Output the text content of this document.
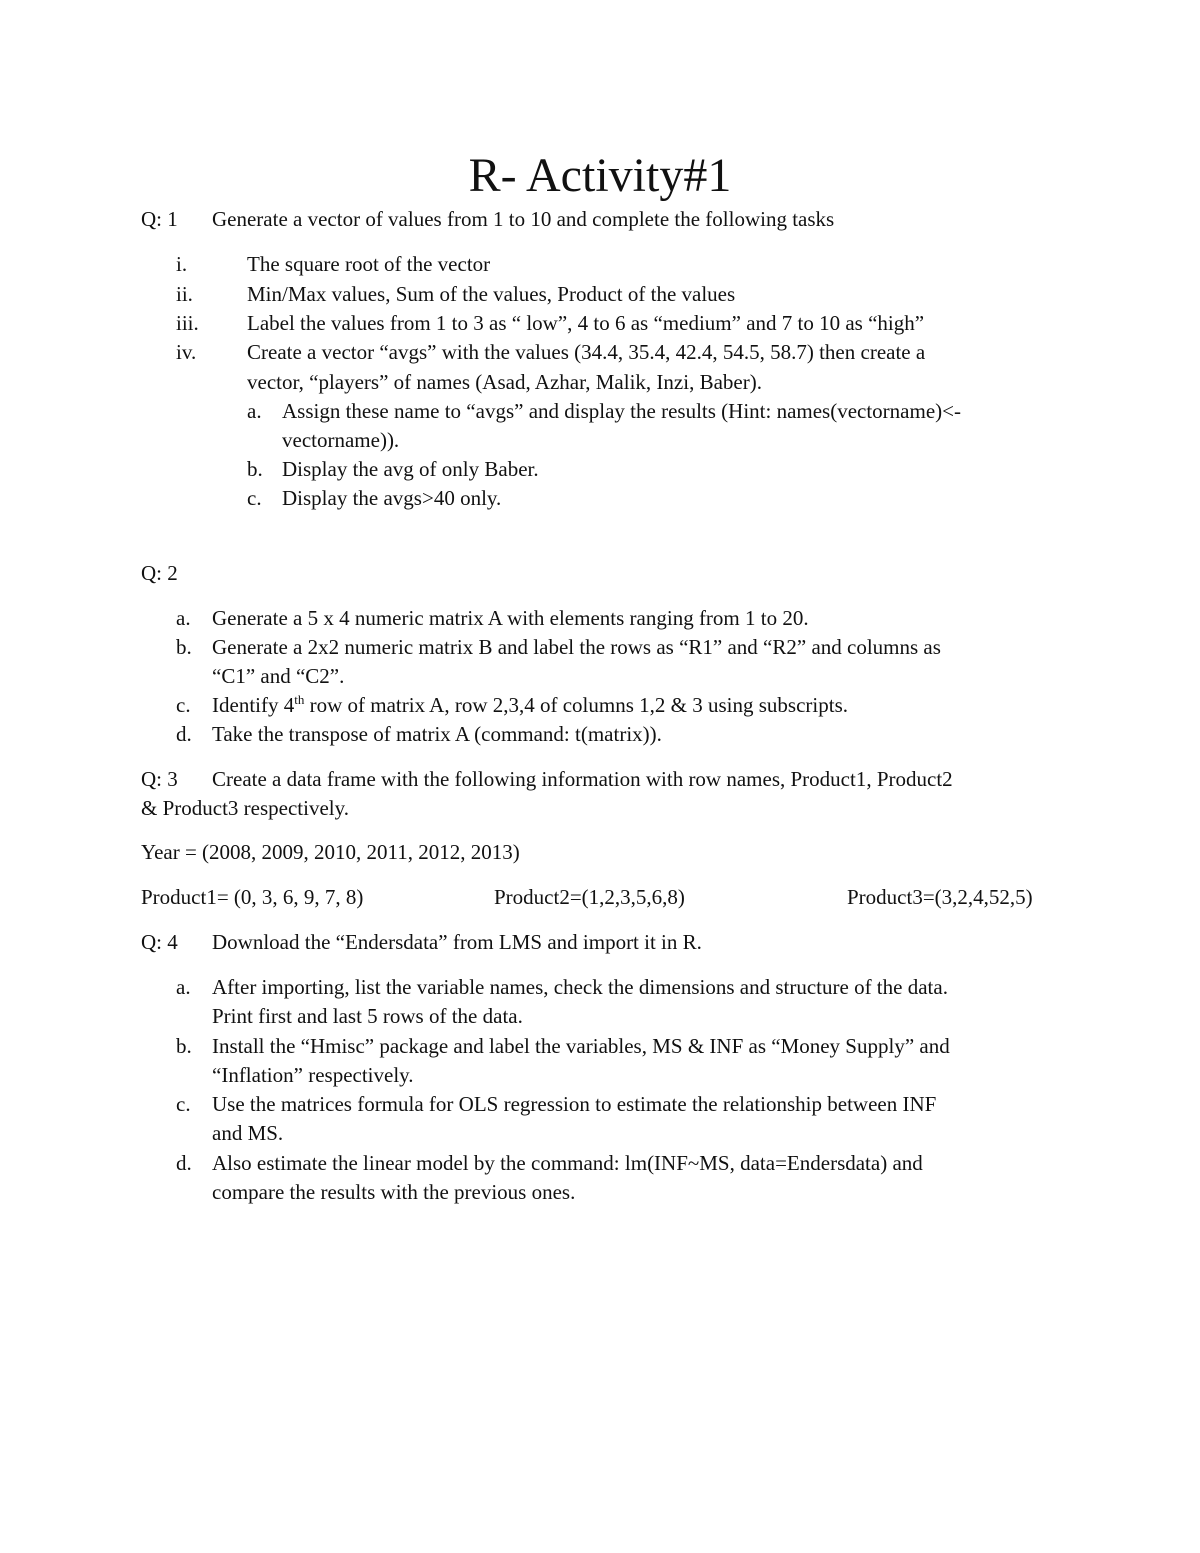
R- Activity#1
Q: 1 Generate a vector of values from 1 to 10 and complete the following tasks
i.	The square root of the vector
ii.	Min/Max values, Sum of the values, Product of the values
iii. Label the values from 1 to 3 as “ low”, 4 to 6 as “medium” and 7 to 10 as “high”
iv. Create a vector “avgs” with the values (34.4, 35.4, 42.4, 54.5, 58.7) then create a
vector, “players” of names (Asad, Azhar, Malik, Inzi, Baber).
a. Assign these name to “avgs” and display the results (Hint: names(vectorname)<-
vectorname)).
b. Display the avg of only Baber.
c. Display the avgs>40 only.
Q: 2
a. Generate a 5 x 4 numeric matrix A with elements ranging from 1 to 20.
b. Generate a 2x2 numeric matrix B and label the rows as “R1” and “R2” and columns as
“C1” and “C2”.
c. Identify 4th row of matrix A, row 2,3,4 of columns 1,2 & 3 using subscripts.
d. Take the transpose of matrix A (command: t(matrix)).
Q: 3 Create a data frame with the following information with row names, Product1, Product2
& Product3 respectively.
Year = (2008, 2009, 2010, 2011, 2012, 2013)
Product1= (0, 3, 6, 9, 7, 8)	Product2=(1,2,3,5,6,8)	Product3=(3,2,4,52,5)
Q: 4 Download the “Endersdata” from LMS and import it in R.
a. After importing, list the variable names, check the dimensions and structure of the data.
Print first and last 5 rows of the data.
b. Install the “Hmisc” package and label the variables, MS & INF as “Money Supply” and
“Inflation” respectively.
c. Use the matrices formula for OLS regression to estimate the relationship between INF
and MS.
d. Also estimate the linear model by the command: lm(INF~MS, data=Endersdata) and
compare the results with the previous ones.
